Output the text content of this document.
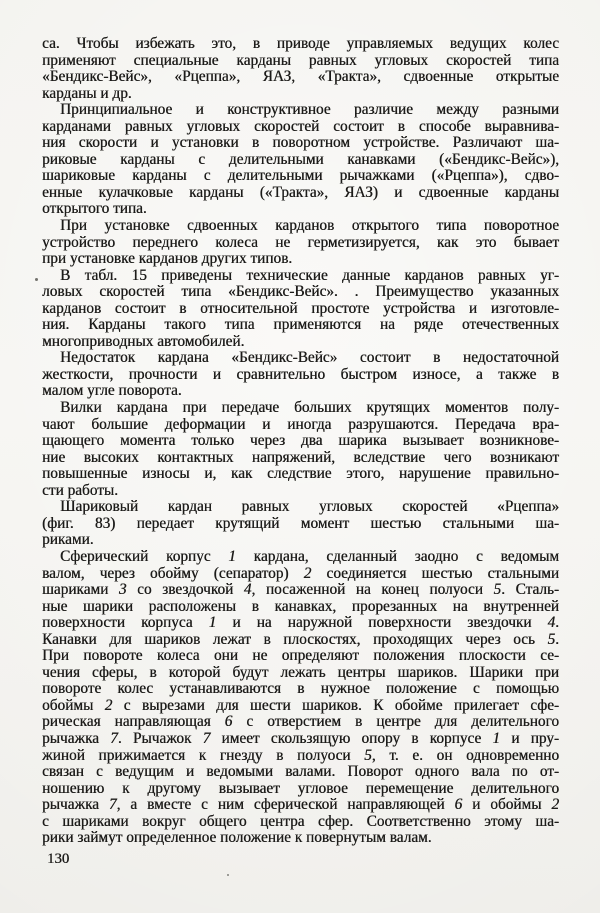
са. Чтобы избежать это, в приводе управляемых ведущих колес
применяют специальные карданы равных угловых скоростей типа
«Бендикс-Вейс», «Рцеппа», ЯАЗ, «Тракта», сдвоенные открытые
карданы и др.
Принципиальное и конструктивное различие между разными
карданами равных угловых скоростей состоит в способе выравнива-
ния скорости и установки в поворотном устройстве. Различают ша-
риковые карданы с делительными канавками («Бендикс-Вейс»),
шариковые карданы с делительными рычажками («Рцеппа»), сдво-
енные кулачковые карданы («Тракта», ЯАЗ) и сдвоенные карданы
открытого типа.
При установке сдвоенных карданов открытого типа поворотное
устройство переднего колеса не герметизируется, как это бывает
при установке карданов других типов.
В табл. 15 приведены технические данные карданов равных уг-
ловых скоростей типа «Бендикс-Вейс». . Преимущество указанных
карданов состоит в относительной простоте устройства и изготовле-
ния. Карданы такого типа применяются на ряде отечественных
многоприводных автомобилей.
Недостаток кардана «Бендикс-Вейс» состоит в недостаточной
жесткости, прочности и сравнительно быстром износе, а также в
малом угле поворота.
Вилки кардана при передаче больших крутящих моментов полу-
чают большие деформации и иногда разрушаются. Передача вра-
щающего момента только через два шарика вызывает возникнове-
ние высоких контактных напряжений, вследствие чего возникают
повышенные износы и, как следствие этого, нарушение правильно-
сти работы.
Шариковый кардан равных угловых скоростей «Рцеппа»
(фиг. 83) передает крутящий момент шестью стальными ша-
риками.
Сферический корпус 1 кардана, сделанный заодно с ведомым
валом, через обойму (сепаратор) 2 соединяется шестью стальными
шариками 3 со звездочкой 4, посаженной на конец полуоси 5. Сталь-
ные шарики расположены в канавках, прорезанных на внутренней
поверхности корпуса 1 и на наружной поверхности звездочки 4.
Канавки для шариков лежат в плоскостях, проходящих через ось 5.
При повороте колеса они не определяют положения плоскости се-
чения сферы, в которой будут лежать центры шариков. Шарики при
повороте колес устанавливаются в нужное положение с помощью
обоймы 2 с вырезами для шести шариков. К обойме прилегает сфе-
рическая направляющая 6 с отверстием в центре для делительного
рычажка 7. Рычажок 7 имеет скользящую опору в корпусе 1 и пру-
жиной прижимается к гнезду в полуоси 5, т. е. он одновременно
связан с ведущим и ведомыми валами. Поворот одного вала по от-
ношению к другому вызывает угловое перемещение делительного
рычажка 7, а вместе с ним сферической направляющей 6 и обоймы 2
с шариками вокруг общего центра сфер. Соответственно этому ша-
рики займут определенное положение к повернутым валам.
130
